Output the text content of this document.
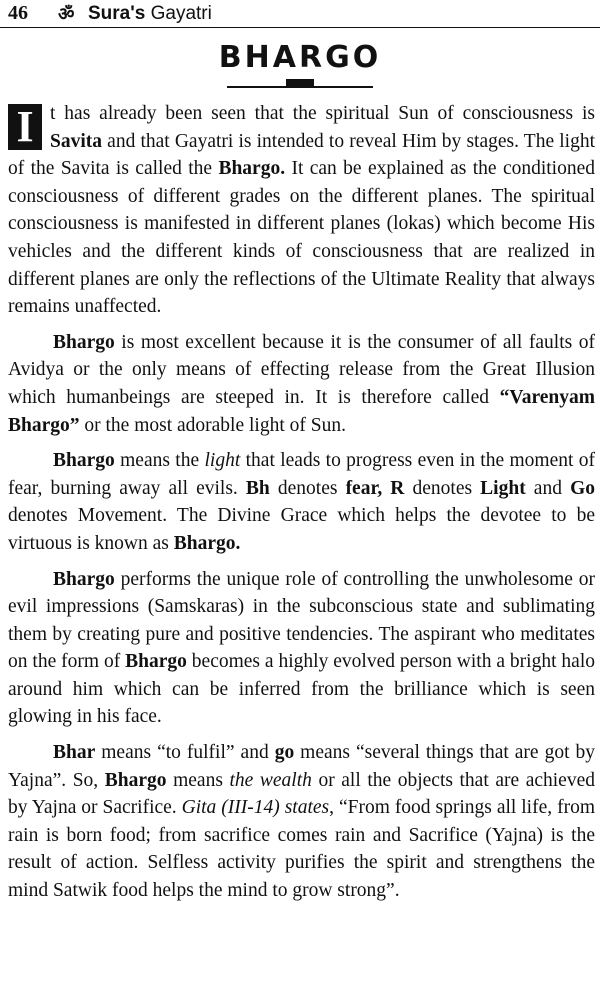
46 ॐ Sura's Gayatri
BHARGO

I t has already been seen that the spiritual Sun of consciousness is Savita and that Gayatri is intended to reveal Him by stages. The light of the Savita is called the Bhargo. It can be explained as the conditioned consciousness of different grades on the different planes. The spiritual consciousness is manifested in different planes (lokas) which become His vehicles and the different kinds of consciousness that are realized in different planes are only the reflections of the Ultimate Reality that always remains unaffected.

Bhargo is most excellent because it is the consumer of all faults of Avidya or the only means of effecting release from the Great Illusion which humanbeings are steeped in. It is therefore called “Varenyam Bhargo” or the most adorable light of Sun.

Bhargo means the light that leads to progress even in the moment of fear, burning away all evils. Bh denotes fear, R denotes Light and Go denotes Movement. The Divine Grace which helps the devotee to be virtuous is known as Bhargo.

Bhargo performs the unique role of controlling the unwholesome or evil impressions (Samskaras) in the subconscious state and sublimating them by creating pure and positive tendencies. The aspirant who meditates on the form of Bhargo becomes a highly evolved person with a bright halo around him which can be inferred from the brilliance which is seen glowing in his face.

Bhar means “to fulfil” and go means “several things that are got by Yajna”. So, Bhargo means the wealth or all the objects that are achieved by Yajna or Sacrifice. Gita (III-14) states, “From food springs all life, from rain is born food; from sacrifice comes rain and Sacrifice (Yajna) is the result of action. Selfless activity purifies the spirit and strengthens the mind Satwik food helps the mind to grow strong”.
